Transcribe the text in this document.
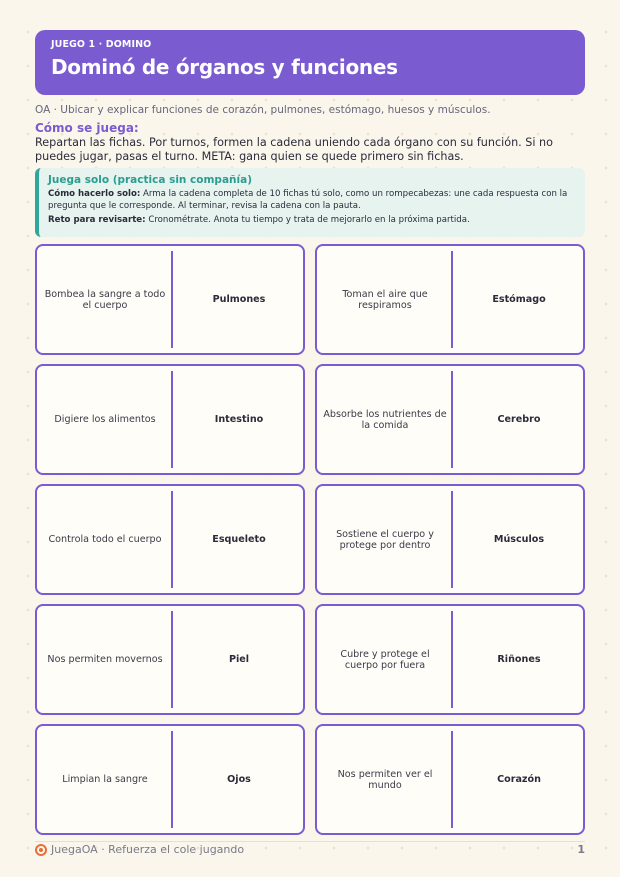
JUEGO 1 · DOMINO
Dominó de órganos y funciones
OA · Ubicar y explicar funciones de corazón, pulmones, estómago, huesos y músculos.
Cómo se juega:
Repartan las fichas. Por turnos, formen la cadena uniendo cada órgano con su función. Si no puedes jugar, pasas el turno. META: gana quien se quede primero sin fichas.
Juega solo (practica sin compañía)
Cómo hacerlo solo: Arma la cadena completa de 10 fichas tú solo, como un rompecabezas: une cada respuesta con la pregunta que le corresponde. Al terminar, revisa la cadena con la pauta.
Reto para revisarte: Cronométrate. Anota tu tiempo y trata de mejorarlo en la próxima partida.
Bombea la sangre a todo el cuerpo	Pulmones	Toman el aire que respiramos	Estómago
Digiere los alimentos	Intestino	Absorbe los nutrientes de la comida	Cerebro
Controla todo el cuerpo	Esqueleto	Sostiene el cuerpo y protege por dentro	Músculos
Nos permiten movernos	Piel	Cubre y protege el cuerpo por fuera	Riñones
Limpian la sangre	Ojos	Nos permiten ver el mundo	Corazón
JuegaOA · Refuerza el cole jugando	1
